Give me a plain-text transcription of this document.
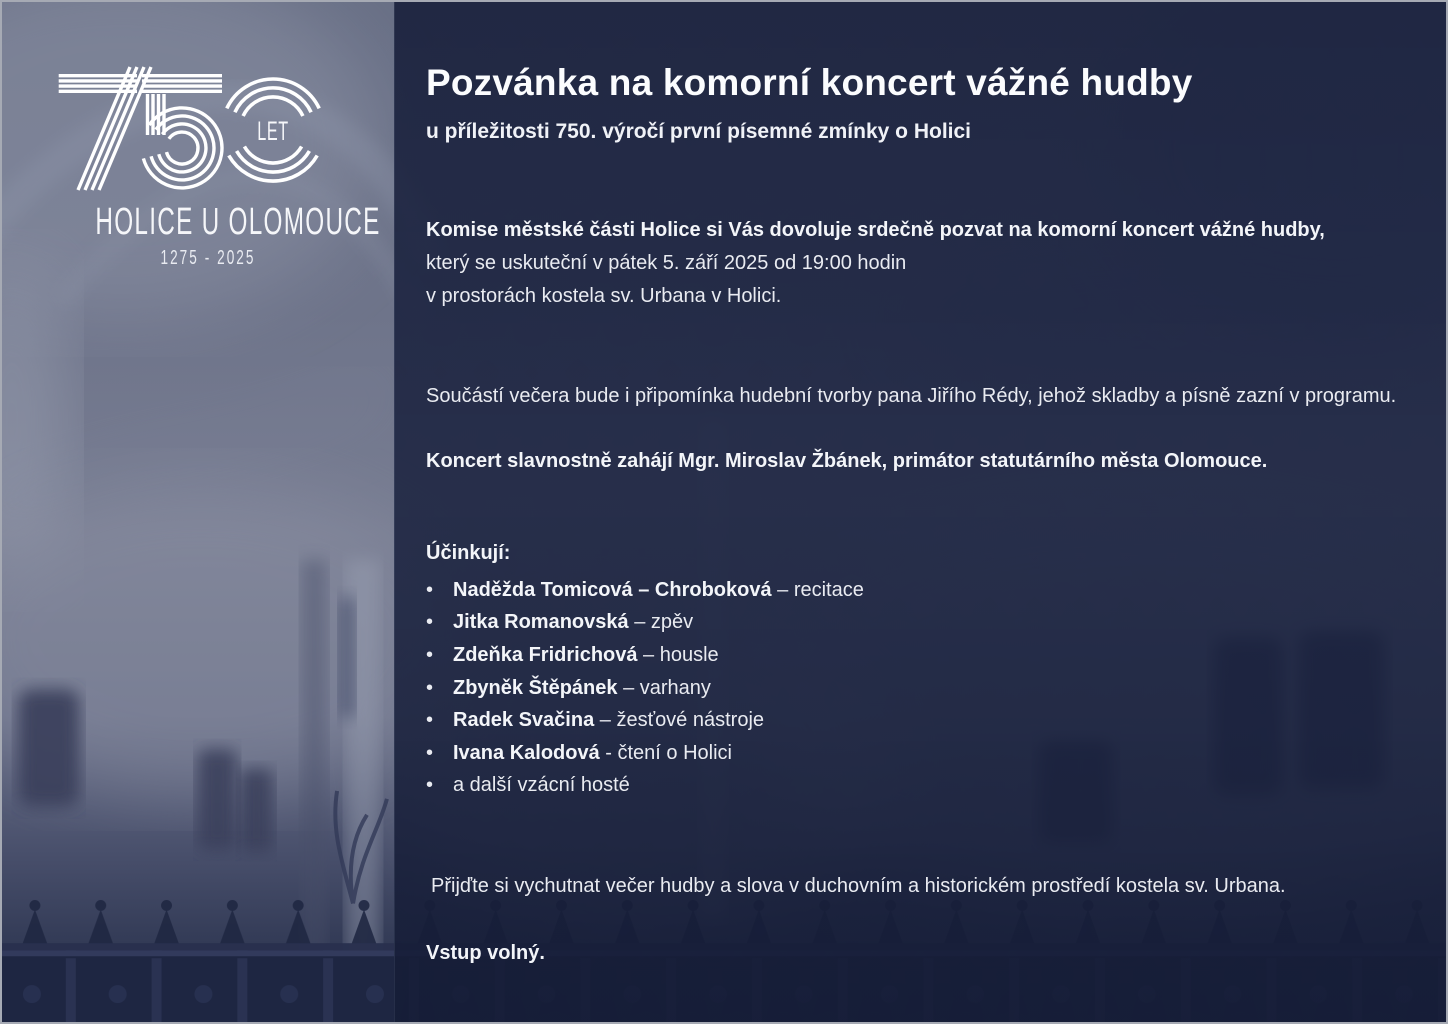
LET
HOLICE U OLOMOUCE
1275 - 2025
Pozvánka na komorní koncert vážné hudby
u příležitosti 750. výročí první písemné zmínky o Holici
Komise městské části Holice si Vás dovoluje srdečně pozvat na komorní koncert vážné hudby,
který se uskuteční v pátek 5. září 2025 od 19:00 hodin
v prostorách kostela sv. Urbana v Holici.
Součástí večera bude i připomínka hudební tvorby pana Jiřího Rédy, jehož skladby a písně zazní v programu.
Koncert slavnostně zahájí Mgr. Miroslav Žbánek, primátor statutárního města Olomouce.
Účinkují:
• Naděžda Tomicová – Chroboková – recitace
• Jitka Romanovská – zpěv
• Zdeňka Fridrichová – housle
• Zbyněk Štěpánek – varhany
• Radek Svačina – žesťové nástroje
• Ivana Kalodová - čtení o Holici
• a další vzácní hosté
Přijďte si vychutnat večer hudby a slova v duchovním a historickém prostředí kostela sv. Urbana.
Vstup volný.
